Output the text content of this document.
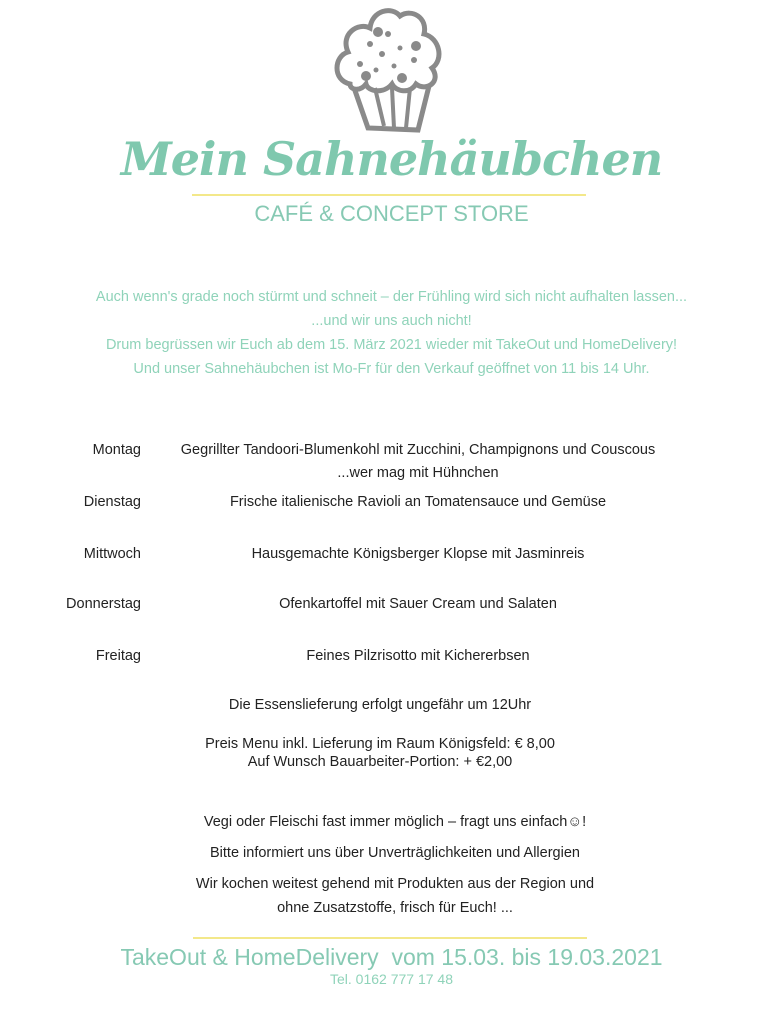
Mein Sahnehäubchen
CAFÉ & CONCEPT STORE
Auch wenn's grade noch stürmt und schneit – der Frühling wird sich nicht aufhalten lassen...
...und wir uns auch nicht!
Drum begrüssen wir Euch ab dem 15. März 2021 wieder mit TakeOut und HomeDelivery!
Und unser Sahnehäubchen ist Mo-Fr für den Verkauf geöffnet von 11 bis 14 Uhr.
Montag	Gegrillter Tandoori-Blumenkohl mit Zucchini, Champignons und Couscous
...wer mag mit Hühnchen
Dienstag	Frische italienische Ravioli an Tomatensauce und Gemüse
Mittwoch	Hausgemachte Königsberger Klopse mit Jasminreis
Donnerstag	Ofenkartoffel mit Sauer Cream und Salaten
Freitag	Feines Pilzrisotto mit Kichererbsen
Die Essenslieferung erfolgt ungefähr um 12Uhr
Preis Menu inkl. Lieferung im Raum Königsfeld: € 8,00
Auf Wunsch Bauarbeiter-Portion: + €2,00
Vegi oder Fleischi fast immer möglich – fragt uns einfach☺!
Bitte informiert uns über Unverträglichkeiten und Allergien
Wir kochen weitest gehend mit Produkten aus der Region und
ohne Zusatzstoffe, frisch für Euch! ...
TakeOut & HomeDelivery  vom 15.03. bis 19.03.2021
Tel. 0162 777 17 48
